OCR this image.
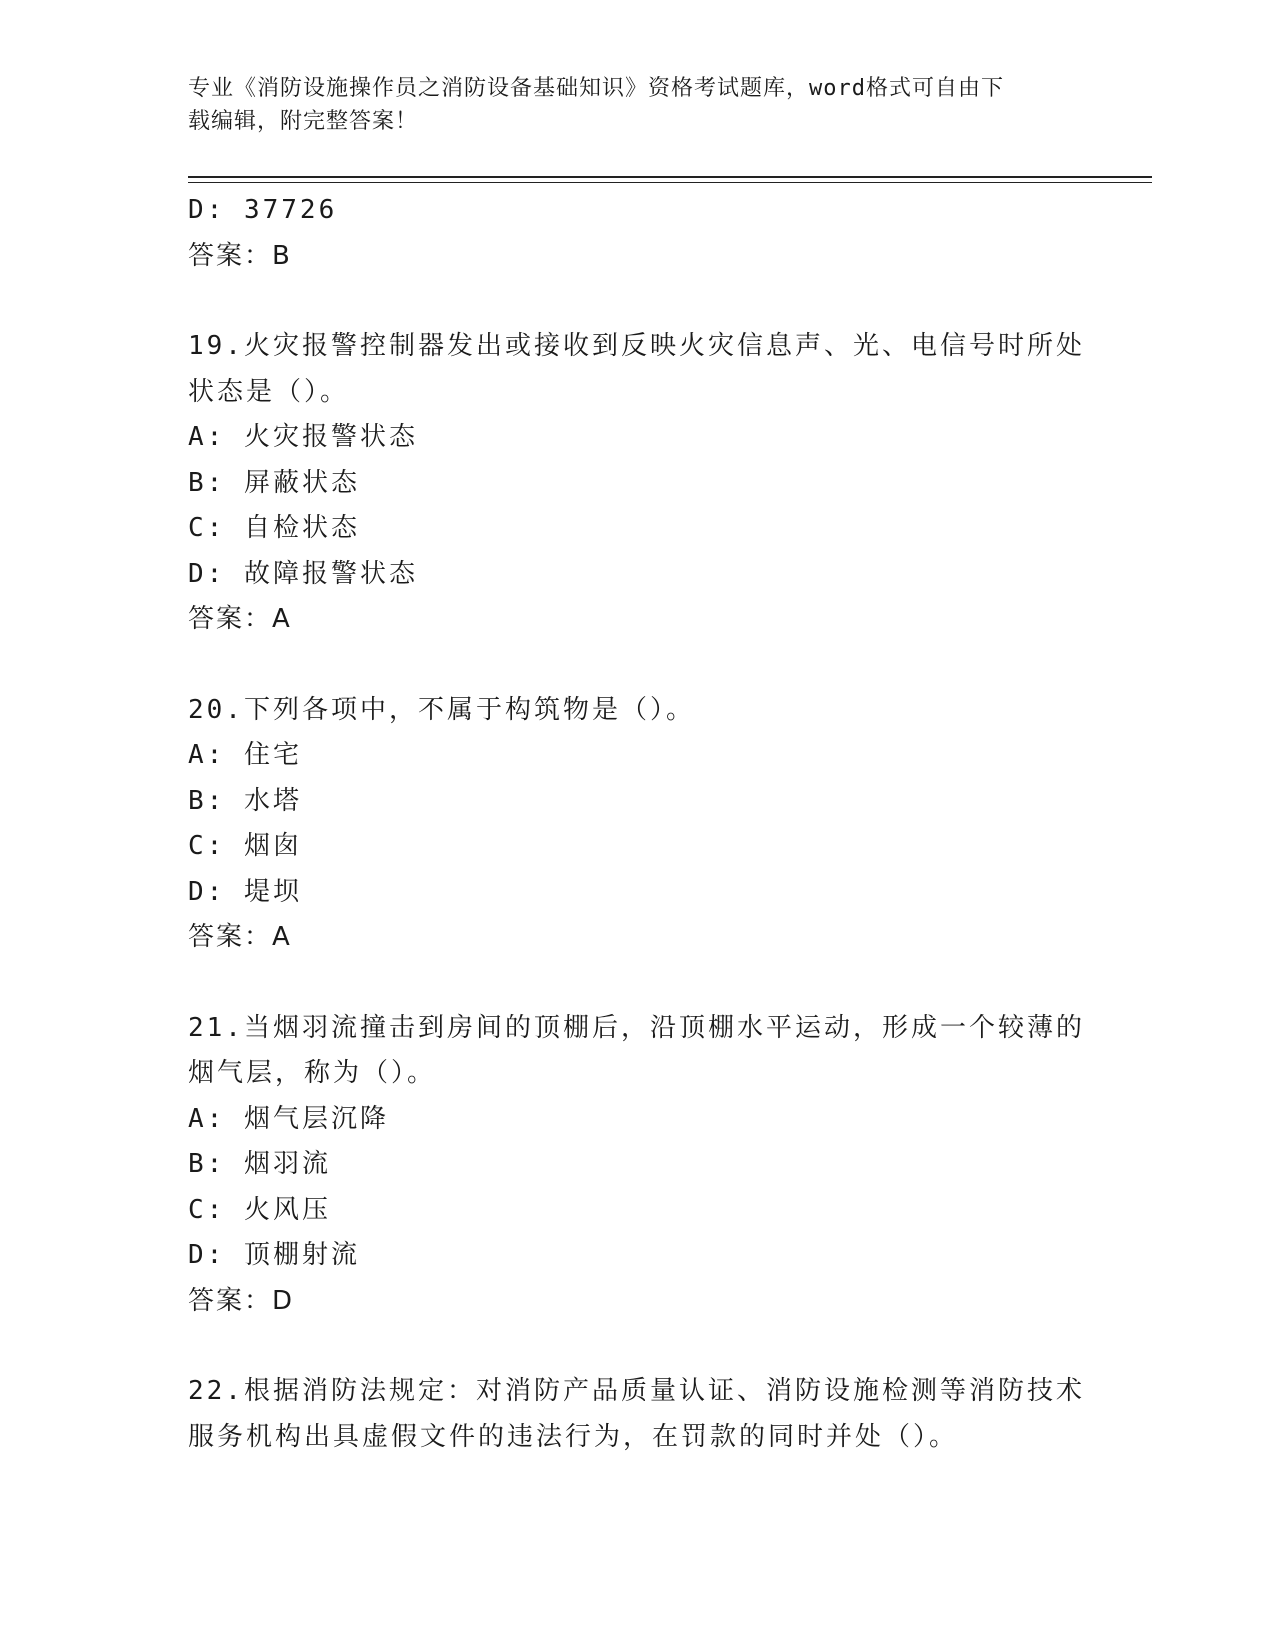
专业《消防设施操作员之消防设备基础知识》资格考试题库，word格式可自由下
载编辑，附完整答案！
D: 37726
答案：B
19.火灾报警控制器发出或接收到反映火灾信息声、光、电信号时所处
状态是（）。
A: 火灾报警状态
B: 屏蔽状态
C: 自检状态
D: 故障报警状态
答案：A
20.下列各项中，不属于构筑物是（）。
A: 住宅
B: 水塔
C: 烟囱
D: 堤坝
答案：A
21.当烟羽流撞击到房间的顶棚后，沿顶棚水平运动，形成一个较薄的
烟气层，称为（）。
A: 烟气层沉降
B: 烟羽流
C: 火风压
D: 顶棚射流
答案：D
22.根据消防法规定：对消防产品质量认证、消防设施检测等消防技术
服务机构出具虚假文件的违法行为，在罚款的同时并处（）。
